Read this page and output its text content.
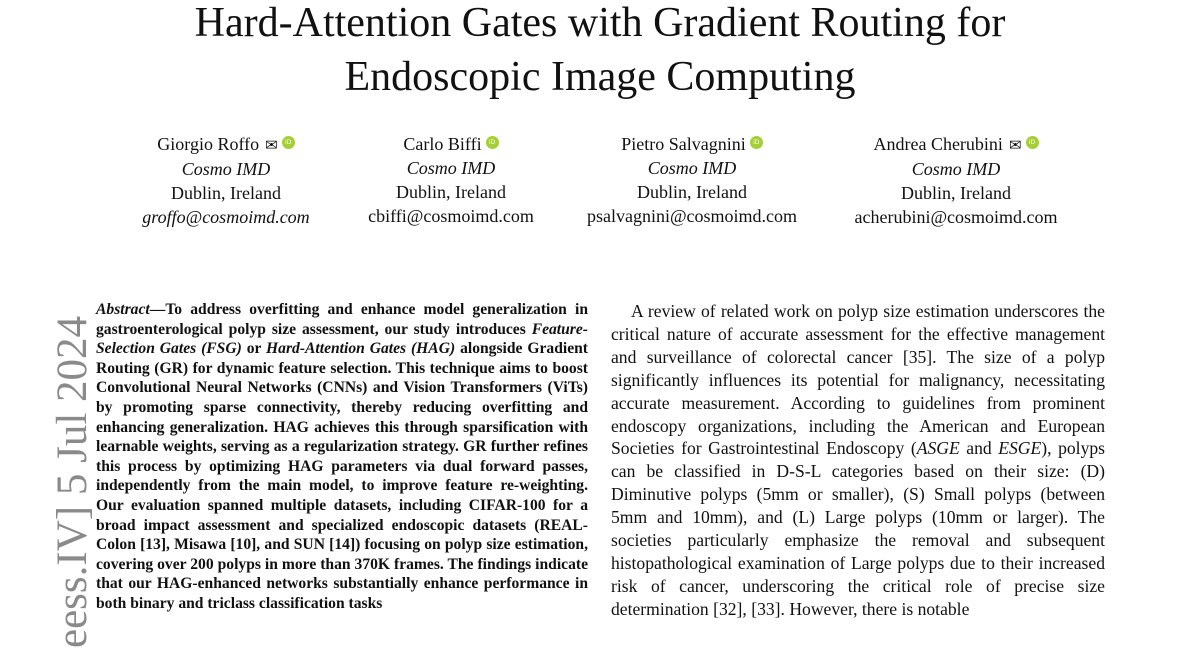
Hard-Attention Gates with Gradient Routing for
Endoscopic Image Computing
Giorgio Roffo ✉iD
Cosmo IMD
Dublin, Ireland
groffo@cosmoimd.com
Carlo BiffiiD
Cosmo IMD
Dublin, Ireland
cbiffi@cosmoimd.com
Pietro SalvagniniiD
Cosmo IMD
Dublin, Ireland
psalvagnini@cosmoimd.com
Andrea Cherubini ✉iD
Cosmo IMD
Dublin, Ireland
acherubini@cosmoimd.com
eess.IV] 5 Jul 2024
Abstract—To address overfitting and enhance model generalization in gastroenterological polyp size assessment, our study introduces Feature-Selection Gates (FSG) or Hard-Attention Gates (HAG) alongside Gradient Routing (GR) for dynamic feature selection. This technique aims to boost Convolutional Neural Networks (CNNs) and Vision Transformers (ViTs) by promoting sparse connectivity, thereby reducing overfitting and enhancing generalization. HAG achieves this through sparsification with learnable weights, serving as a regularization strategy. GR further refines this process by optimizing HAG parameters via dual forward passes, independently from the main model, to improve feature re-weighting. Our evaluation spanned multiple datasets, including CIFAR-100 for a broad impact assessment and specialized endoscopic datasets (REAL-Colon [13], Misawa [10], and SUN [14]) focusing on polyp size estimation, covering over 200 polyps in more than 370K frames. The findings indicate that our HAG-enhanced networks substantially enhance performance in both binary and triclass classification tasks
A review of related work on polyp size estimation underscores the critical nature of accurate assessment for the effective management and surveillance of colorectal cancer [35]. The size of a polyp significantly influences its potential for malignancy, necessitating accurate measurement. According to guidelines from prominent endoscopy organizations, including the American and European Societies for Gastrointestinal Endoscopy (ASGE and ESGE), polyps can be classified in D-S-L categories based on their size: (D) Diminutive polyps (5mm or smaller), (S) Small polyps (between 5mm and 10mm), and (L) Large polyps (10mm or larger). The societies particularly emphasize the removal and subsequent histopathological examination of Large polyps due to their increased risk of cancer, underscoring the critical role of precise size determination [32], [33]. However, there is notable
